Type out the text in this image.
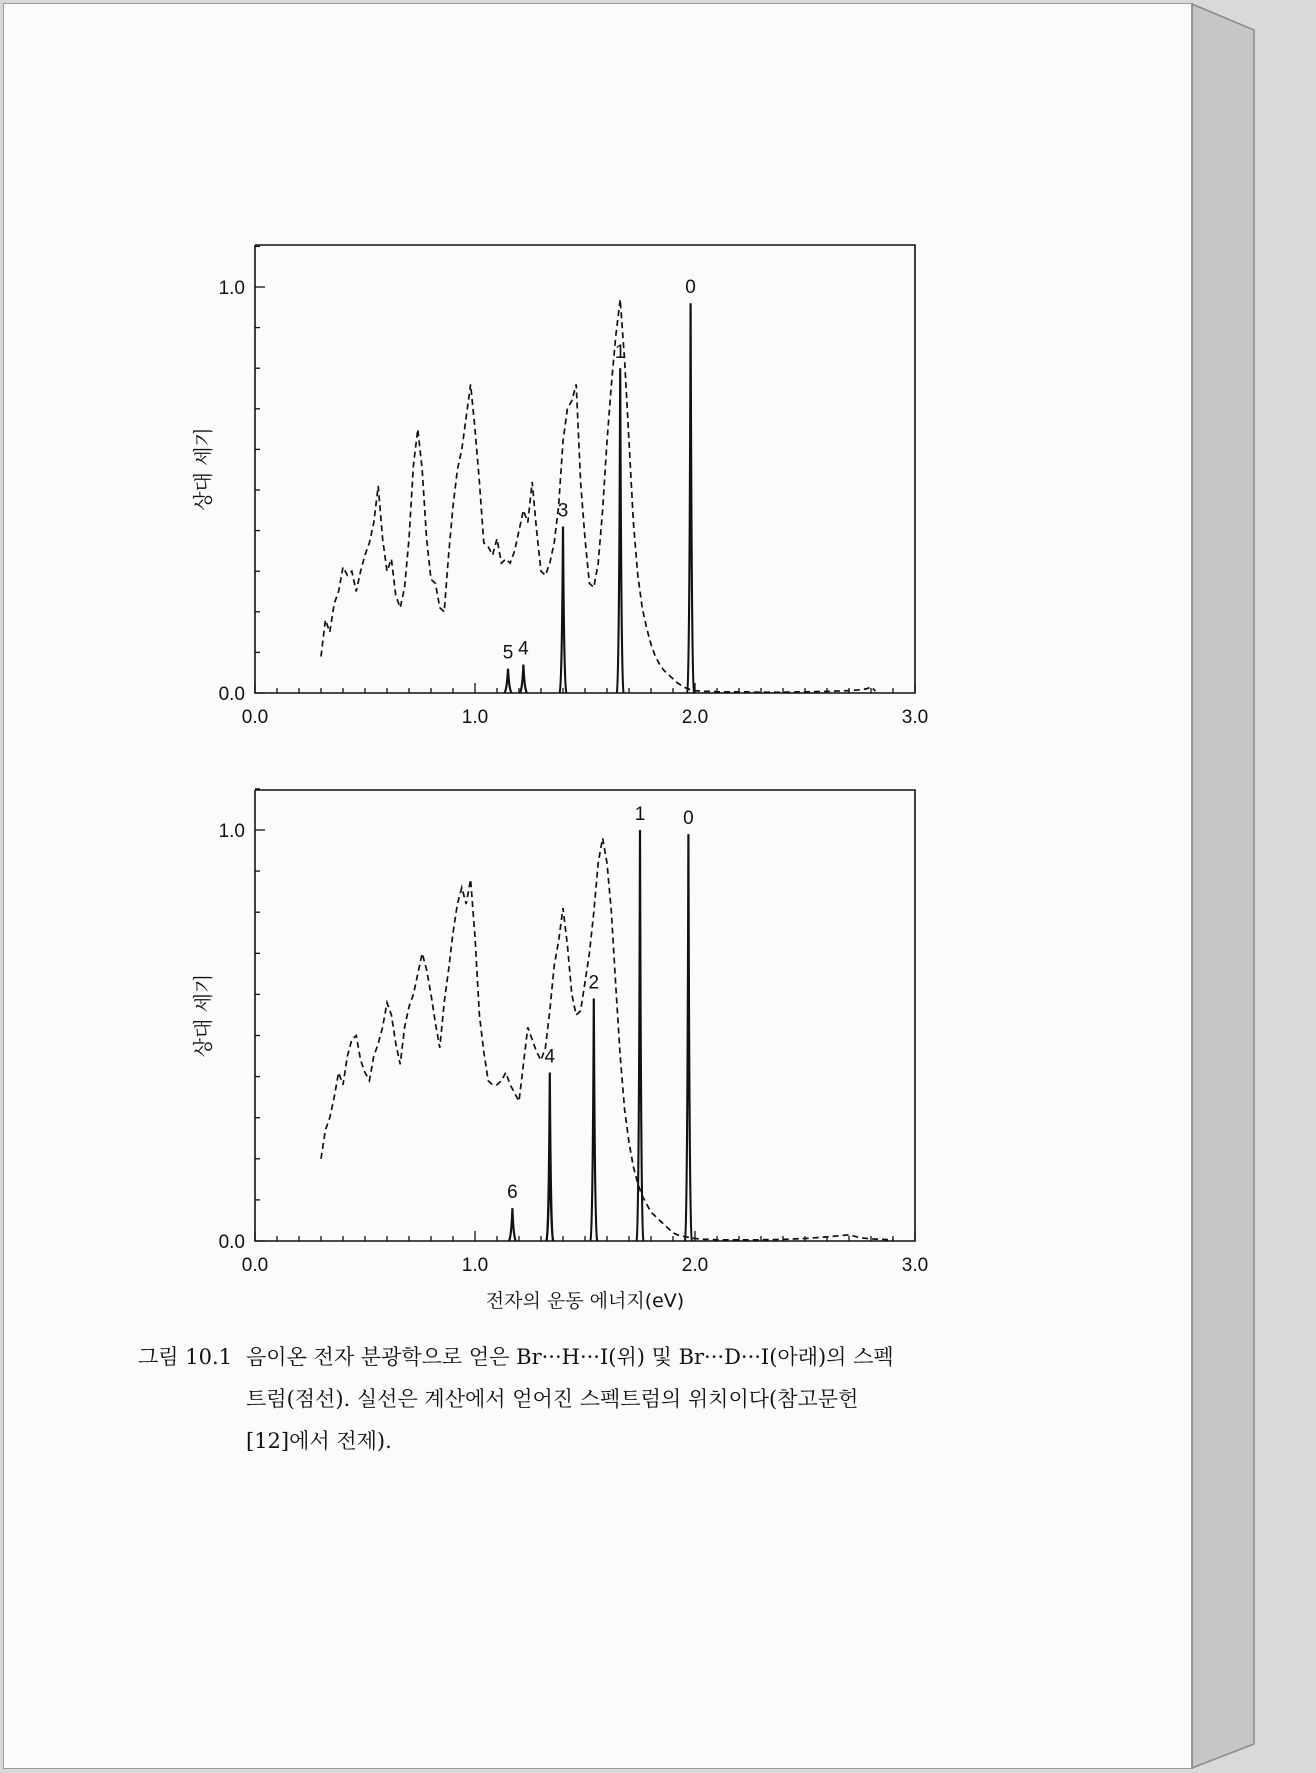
0.0	1.0	2.0	3.0
0.0
1.0
상대 세기
5 4
3
1
0
0.0	1.0	2.0	3.0
0.0
1.0
상대 세기
전자의 운동 에너지(eV)
6
4
2
1 0
그림 10.1 음이온 전자 분광학으로 얻은 Br···H···I(위) 및 Br···D···I(아래)의 스펙
트럼(점선). 실선은 계산에서 얻어진 스펙트럼의 위치이다(참고문헌
[12]에서 전제).
